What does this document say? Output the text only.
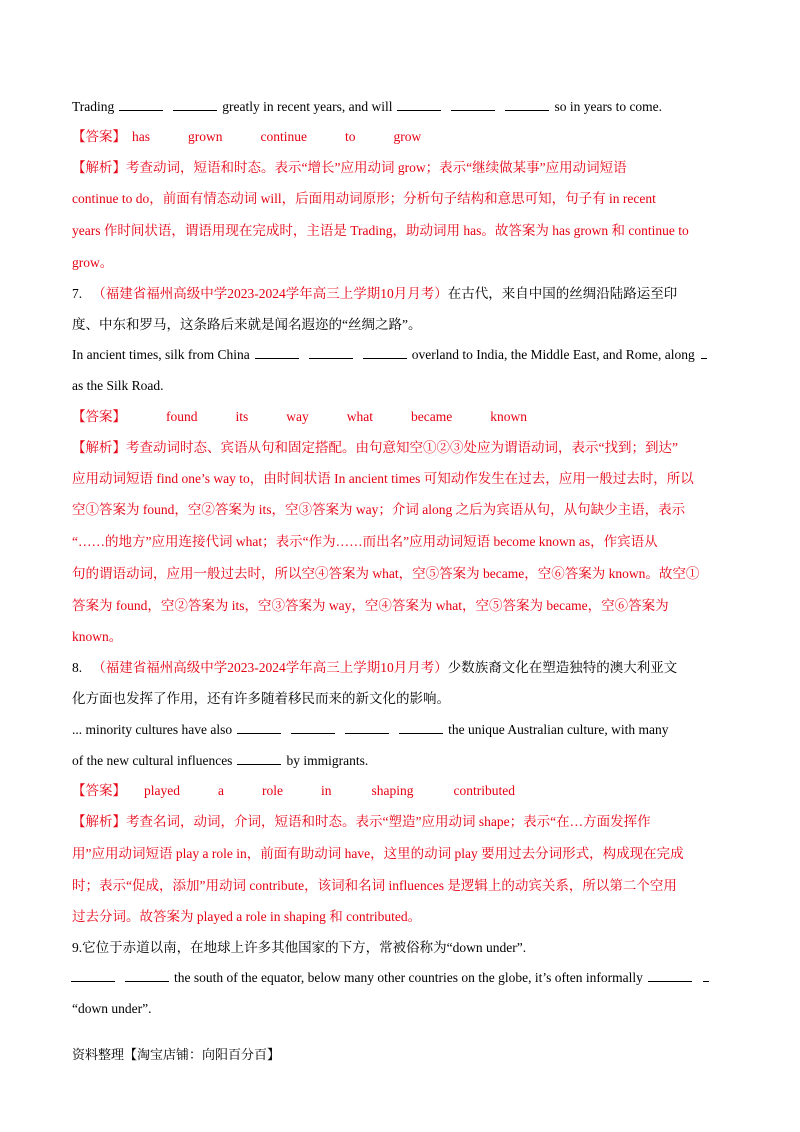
Trading	greatly in recent years, and will	so in years to come.
【答案】 has	grown	continue	to	grow
【解析】考查动词，短语和时态。表示“增长”应用动词 grow；表示“继续做某事”应用动词短语
continue to do，前面有情态动词 will，后面用动词原形；分析句子结构和意思可知，句子有 in recent
years 作时间状语，谓语用现在完成时，主语是 Trading，助动词用 has。故答案为 has grown 和 continue to
grow。
7. （福建省福州高级中学2023-2024学年高三上学期10月月考）在古代，来自中国的丝绸沿陆路运至印
度、中东和罗马，这条路后来就是闻名遐迩的“丝绸之路”。
In ancient times, silk from China	overland to India, the Middle East, and Rome, along
as the Silk Road.
【答案】	found	its	way	what	became	known
【解析】考查动词时态、宾语从句和固定搭配。由句意知空①②③处应为谓语动词，表示“找到；到达”
应用动词短语 find one’s way to，由时间状语 In ancient times 可知动作发生在过去，应用一般过去时，所以
空①答案为 found，空②答案为 its，空③答案为 way；介词 along 之后为宾语从句，从句缺少主语，表示
“……的地方”应用连接代词 what；表示“作为……而出名”应用动词短语 become known as，作宾语从
句的谓语动词，应用一般过去时，所以空④答案为 what，空⑤答案为 became，空⑥答案为 known。故空①
答案为 found，空②答案为 its，空③答案为 way，空④答案为 what，空⑤答案为 became，空⑥答案为
known。
8. （福建省福州高级中学2023-2024学年高三上学期10月月考）少数族裔文化在塑造独特的澳大利亚文
化方面也发挥了作用，还有许多随着移民而来的新文化的影响。
... minority cultures have also	the unique Australian culture, with many
of the new cultural influences	by immigrants.
【答案】 played	a	role	in	shaping	contributed
【解析】考查名词，动词，介词，短语和时态。表示“塑造”应用动词 shape；表示“在…方面发挥作
用”应用动词短语 play a role in，前面有助动词 have，这里的动词 play 要用过去分词形式，构成现在完成
时；表示“促成，添加”用动词 contribute，该词和名词 influences 是逻辑上的动宾关系，所以第二个空用
过去分词。故答案为 played a role in shaping 和 contributed。
9.它位于赤道以南，在地球上许多其他国家的下方，常被俗称为“down under”.
the south of the equator, below many other countries on the globe, it’s often informally
“down under”.
资料整理【淘宝店铺：向阳百分百】
